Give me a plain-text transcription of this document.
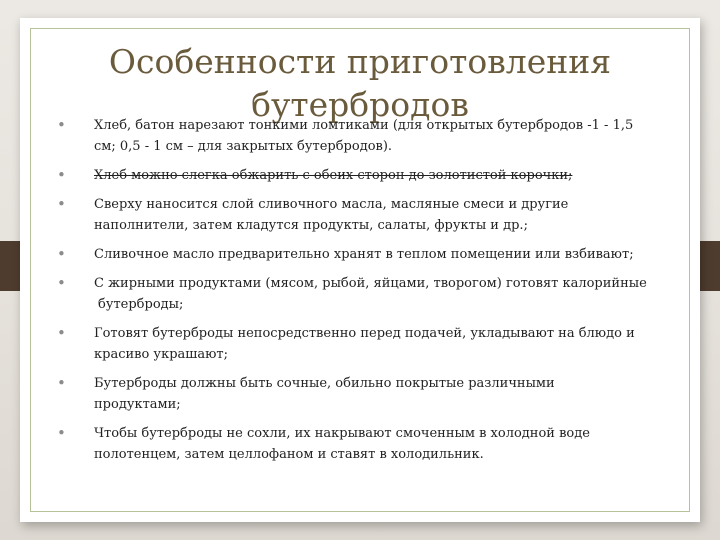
Особенности приготовления бутербродов
• Хлеб, батон нарезают тонкими ломтиками (для открытых бутербродов -1 - 1,5
см; 0,5 - 1 см – для закрытых бутербродов).
• Хлеб можно слегка обжарить с обеих сторон до золотистой корочки;
• Сверху наносится слой сливочного масла, масляные смеси и другие
наполнители, затем кладутся продукты, салаты, фрукты и др.;
• Сливочное масло предварительно хранят в теплом помещении или взбивают;
• С жирными продуктами (мясом, рыбой, яйцами, творогом) готовят калорийные
бутерброды;
• Готовят бутерброды непосредственно перед подачей, укладывают на блюдо и
красиво украшают;
• Бутерброды должны быть сочные, обильно покрытые различными
продуктами;
• Чтобы бутерброды не сохли, их накрывают смоченным в холодной воде
полотенцем, затем целлофаном и ставят в холодильник.
